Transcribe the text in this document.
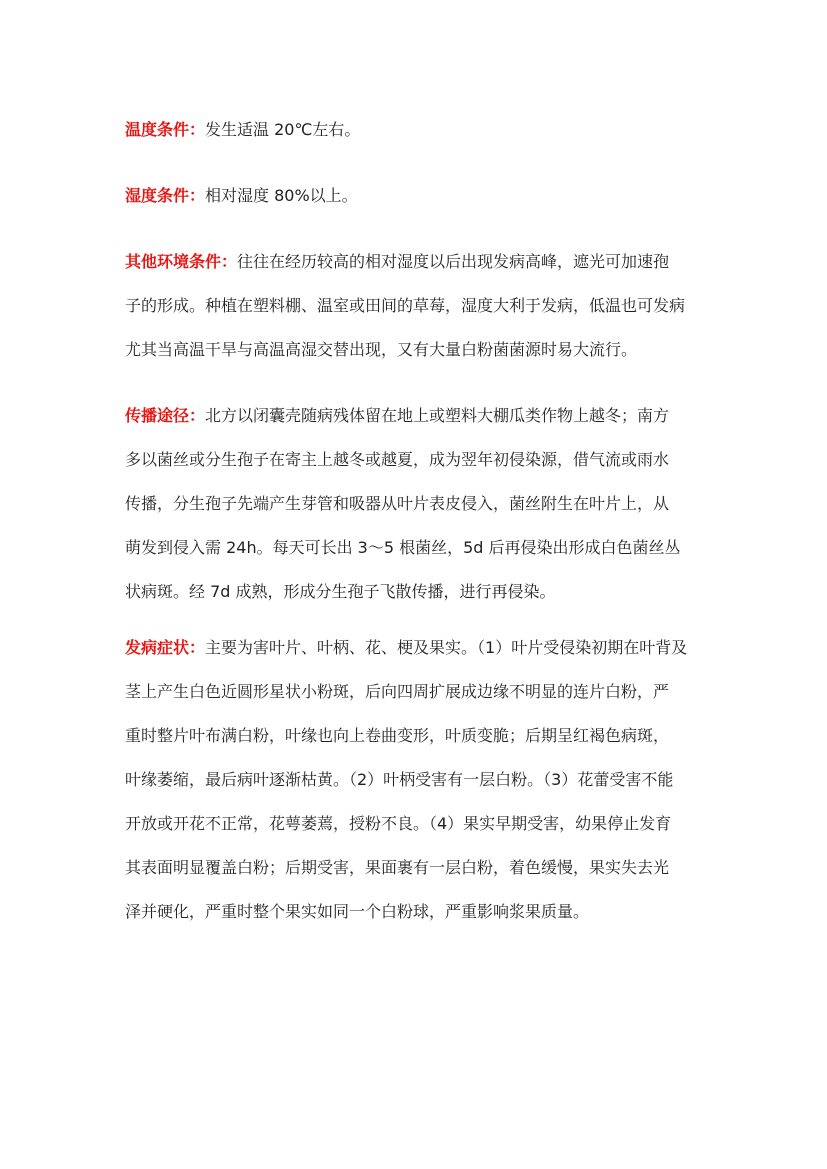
温度条件：发生适温 20℃左右。

湿度条件：相对湿度 80%以上。

其他环境条件：往往在经历较高的相对湿度以后出现发病高峰，遮光可加速孢
子的形成。种植在塑料棚、温室或田间的草莓，湿度大利于发病，低温也可发病
尤其当高温干旱与高温高湿交替出现，又有大量白粉菌菌源时易大流行。

传播途径：北方以闭囊壳随病残体留在地上或塑料大棚瓜类作物上越冬；南方
多以菌丝或分生孢子在寄主上越冬或越夏，成为翌年初侵染源，借气流或雨水
传播，分生孢子先端产生芽管和吸器从叶片表皮侵入，菌丝附生在叶片上，从
萌发到侵入需 24h。每天可长出 3～5 根菌丝，5d 后再侵染出形成白色菌丝丛
状病斑。经 7d 成熟，形成分生孢子飞散传播，进行再侵染。

发病症状：主要为害叶片、叶柄、花、梗及果实。（1）叶片受侵染初期在叶背及
茎上产生白色近圆形星状小粉斑，后向四周扩展成边缘不明显的连片白粉，严
重时整片叶布满白粉，叶缘也向上卷曲变形，叶质变脆；后期呈红褐色病斑，
叶缘萎缩，最后病叶逐渐枯黄。（2）叶柄受害有一层白粉。（3）花蕾受害不能
开放或开花不正常，花萼萎蔫，授粉不良。（4）果实早期受害，幼果停止发育
其表面明显覆盖白粉；后期受害，果面裹有一层白粉，着色缓慢，果实失去光
泽并硬化，严重时整个果实如同一个白粉球，严重影响浆果质量。
